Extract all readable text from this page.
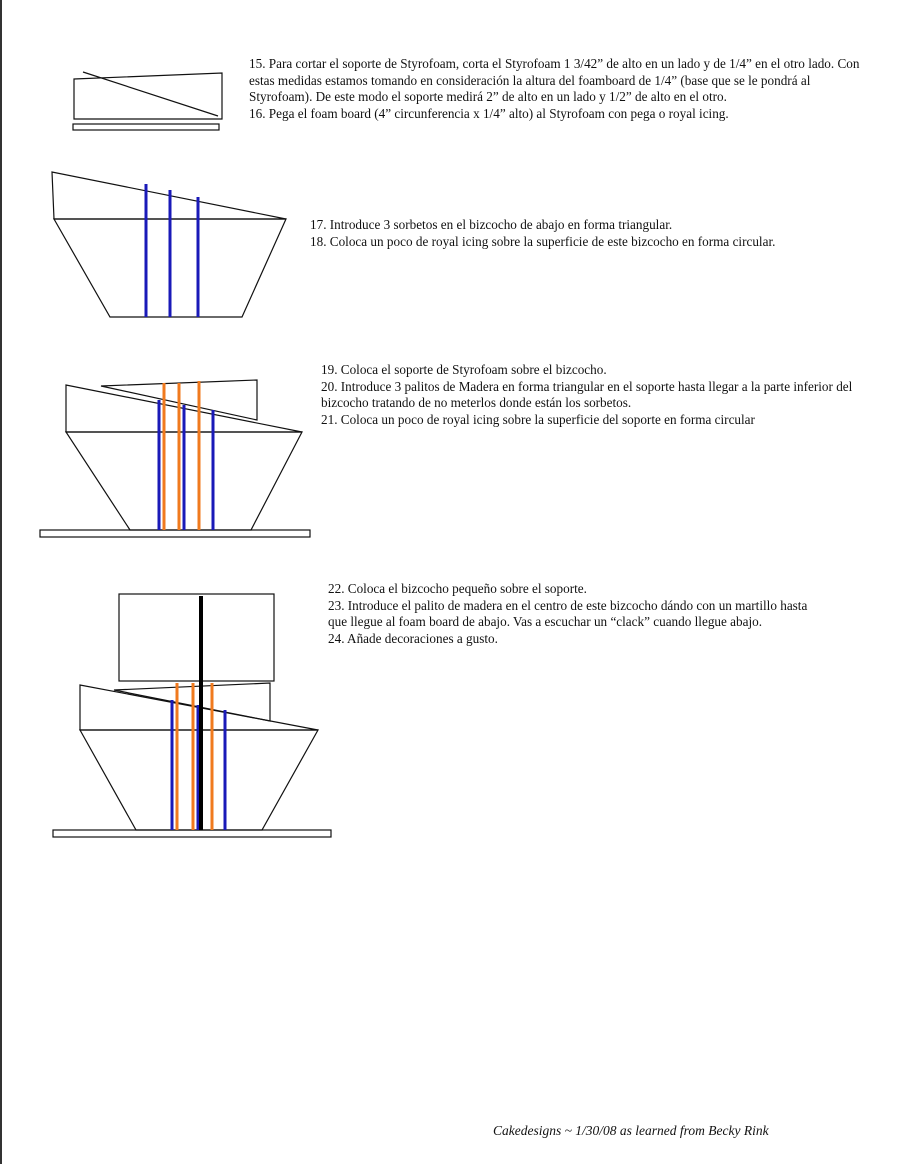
15. Para cortar el soporte de Styrofoam, corta el Styrofoam 1 3/42” de alto en un lado y de 1/4” en el otro lado. Con estas medidas estamos tomando en consideración la altura del foamboard de 1/4” (base que se le pondrá al Styrofoam). De este modo el soporte medirá 2” de alto en un lado y 1/2” de alto en el otro.

16. Pega el foam board (4” circunferencia x 1/4” alto) al Styrofoam con pega o royal icing.

17. Introduce 3 sorbetos en el bizcocho de abajo en forma triangular.

18. Coloca un poco de royal icing sobre la superficie de este bizcocho en forma circular.

19. Coloca el soporte de Styrofoam sobre el bizcocho.

20. Introduce 3 palitos de Madera en forma triangular en el soporte hasta llegar a la parte inferior del bizcocho tratando de no meterlos donde están los sorbetos.

21. Coloca un poco de royal icing sobre la superficie del soporte en forma circular

22. Coloca el bizcocho pequeño sobre el soporte.

23. Introduce el palito de madera en el centro de este bizcocho dándo con un martillo hasta que llegue al foam board de abajo. Vas a escuchar un “clack” cuando llegue abajo.

24. Añade decoraciones a gusto.

Cakedesigns ~ 1/30/08 as learned from Becky Rink
